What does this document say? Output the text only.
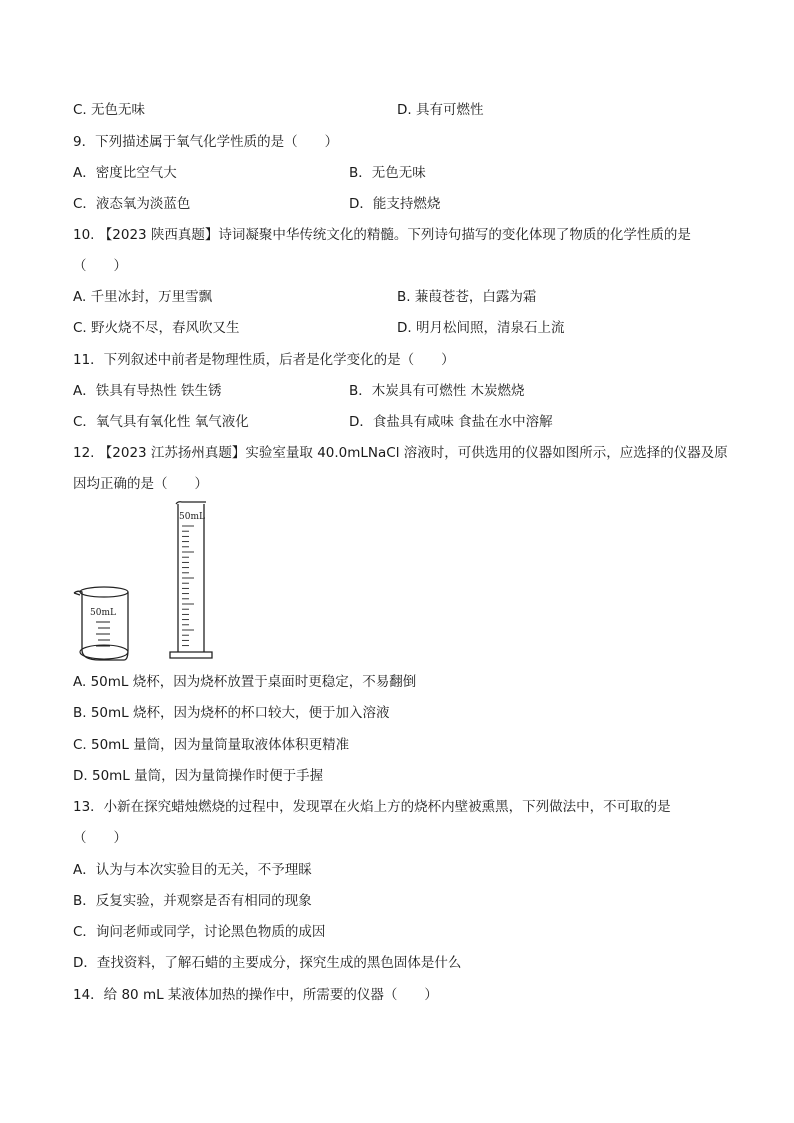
C. 无色无味	D. 具有可燃性
9．下列描述属于氧气化学性质的是（　　）
A．密度比空气大	B．无色无味
C．液态氧为淡蓝色	D．能支持燃烧
10. 【2023 陕西真题】诗词凝聚中华传统文化的精髓。下列诗句描写的变化体现了物质的化学性质的是
（　　）
A. 千里冰封，万里雪飘	B. 蒹葭苍苍，白露为霜
C. 野火烧不尽，春风吹又生	D. 明月松间照，清泉石上流
11．下列叙述中前者是物理性质，后者是化学变化的是（　　）
A．铁具有导热性 铁生锈	B．木炭具有可燃性 木炭燃烧
C．氧气具有氧化性 氧气液化	D．食盐具有咸味 食盐在水中溶解
12. 【2023 江苏扬州真题】实验室量取 40.0mLNaCl 溶液时，可供选用的仪器如图所示，应选择的仪器及原
因均正确的是（　　）
50mL
50mL
A. 50mL 烧杯，因为烧杯放置于桌面时更稳定，不易翻倒
B. 50mL 烧杯，因为烧杯的杯口较大，便于加入溶液
C. 50mL 量筒，因为量筒量取液体体积更精准
D. 50mL 量筒，因为量筒操作时便于手握
13．小新在探究蜡烛燃烧的过程中，发现罩在火焰上方的烧杯内壁被熏黑，下列做法中，不可取的是
（　　）
A．认为与本次实验目的无关，不予理睬
B．反复实验，并观察是否有相同的现象
C．询问老师或同学，讨论黑色物质的成因
D．查找资料，了解石蜡的主要成分，探究生成的黑色固体是什么
14．给 80 mL 某液体加热的操作中，所需要的仪器（　　）
